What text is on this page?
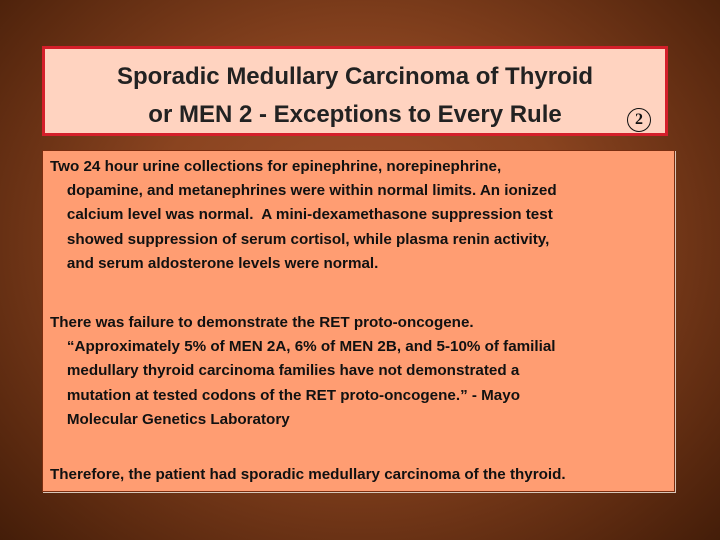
Sporadic Medullary Carcinoma of Thyroid
or MEN 2 - Exceptions to Every Rule	2
Two 24 hour urine collections for epinephrine, norepinephrine,
dopamine, and metanephrines were within normal limits. An ionized
calcium level was normal.  A mini-dexamethasone suppression test
showed suppression of serum cortisol, while plasma renin activity,
and serum aldosterone levels were normal.
There was failure to demonstrate the RET proto-oncogene.
“Approximately 5% of MEN 2A, 6% of MEN 2B, and 5-10% of familial
medullary thyroid carcinoma families have not demonstrated a
mutation at tested codons of the RET proto-oncogene.” - Mayo
Molecular Genetics Laboratory
Therefore, the patient had sporadic medullary carcinoma of the thyroid.
